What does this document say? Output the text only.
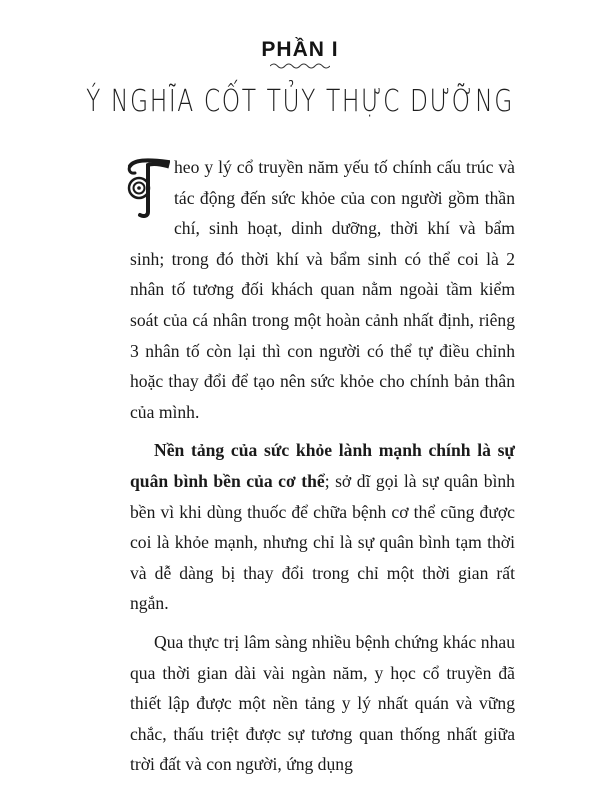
PHẦN I
Ý NGHĨA CỐT TỦY THỰC DƯỠNG

heo y lý cổ truyền năm yếu tố chính cấu trúc và tác động đến sức khỏe của con người gồm thần chí, sinh hoạt, dinh dưỡng, thời khí và bẩm sinh; trong đó thời khí và bẩm sinh có thể coi là 2 nhân tố tương đối khách quan nằm ngoài tầm kiểm soát của cá nhân trong một hoàn cảnh nhất định, riêng 3 nhân tố còn lại thì con người có thể tự điều chỉnh hoặc thay đổi để tạo nên sức khỏe cho chính bản thân của mình.

Nền tảng của sức khỏe lành mạnh chính là sự quân bình bền của cơ thể; sở dĩ gọi là sự quân bình bền vì khi dùng thuốc để chữa bệnh cơ thể cũng được coi là khỏe mạnh, nhưng chỉ là sự quân bình tạm thời và dễ dàng bị thay đổi trong chỉ một thời gian rất ngắn.

Qua thực trị lâm sàng nhiều bệnh chứng khác nhau qua thời gian dài vài ngàn năm, y học cổ truyền đã thiết lập được một nền tảng y lý nhất quán và vững chắc, thấu triệt được sự tương quan thống nhất giữa trời đất và con người, ứng dụng
